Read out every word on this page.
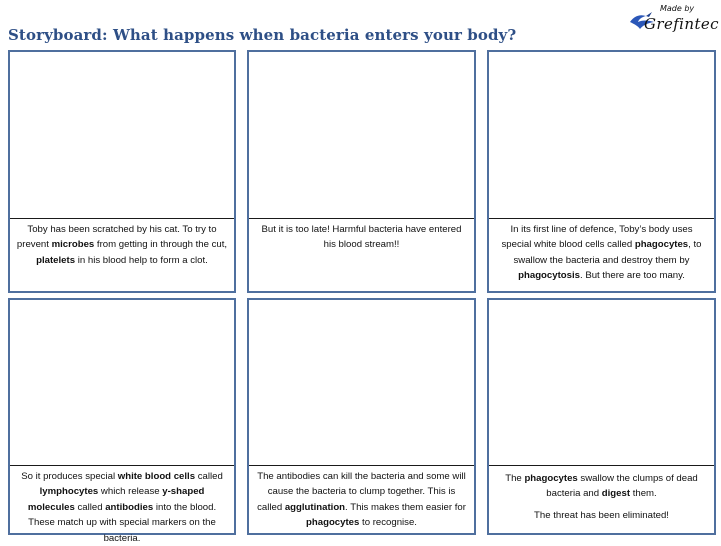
Storyboard: What happens when bacteria enters your body?
Made by
Grefintec

Toby has been scratched by his cat. To try to prevent microbes from getting in through the cut, platelets in his blood help to form a clot.

But it is too late! Harmful bacteria have entered his blood stream!!

In its first line of defence, Toby’s body uses special white blood cells called phagocytes, to swallow the bacteria and destroy them by phagocytosis. But there are too many.

So it produces special white blood cells called lymphocytes which release y-shaped molecules called antibodies into the blood. These match up with special markers on the bacteria.

The antibodies can kill the bacteria and some will cause the bacteria to clump together. This is called agglutination. This makes them easier for phagocytes to recognise.

The phagocytes swallow the clumps of dead bacteria and digest them.

The threat has been eliminated!
